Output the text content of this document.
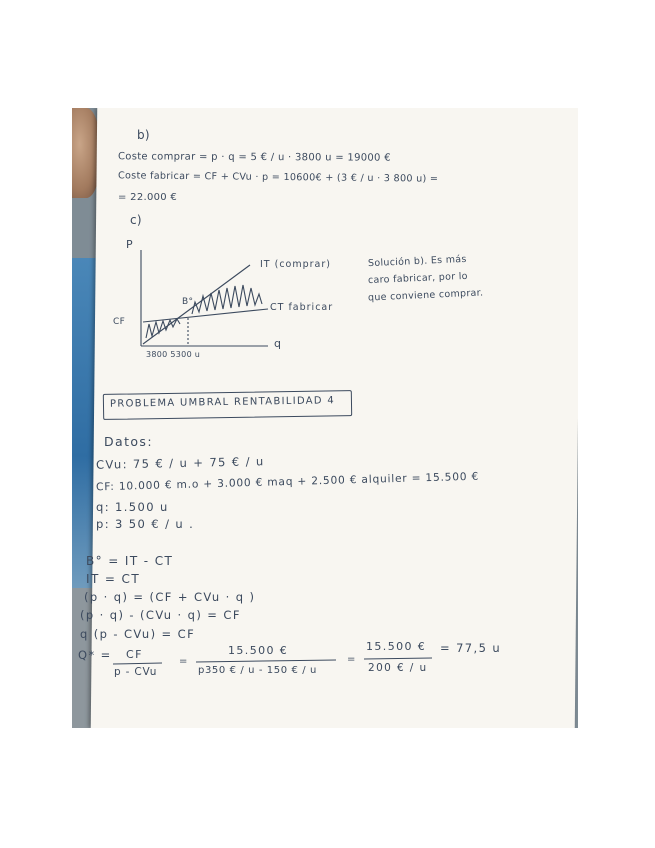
b)
Coste comprar = p · q = 5 € / u · 3800 u = 19000 €
Coste fabricar = CF + CVu · p = 10600€ + (3 € / u · 3 800 u) =
= 22.000 €
c)
P
IT (comprar)
B°	CT fabricar
CF
q
3800 5300 u
Solución b). Es más
caro fabricar, por lo
que conviene comprar.
PROBLEMA UMBRAL RENTABILIDAD 4
Datos:
CVu: 75 € / u + 75 € / u
CF: 10.000 € m.o + 3.000 € maq + 2.500 € alquiler = 15.500 €
q: 1.500 u
p: 3 50 € / u .
B° = IT - CT
IT = CT
(p · q) = (CF + CVu · q )
(p · q) - (CVu · q) = CF
q (p - CVu) = CF
Q* = CF
p - CVu
=
15.500 €
p350 € / u - 150 € / u
=
15.500 €
200 € / u
= 77,5 u
